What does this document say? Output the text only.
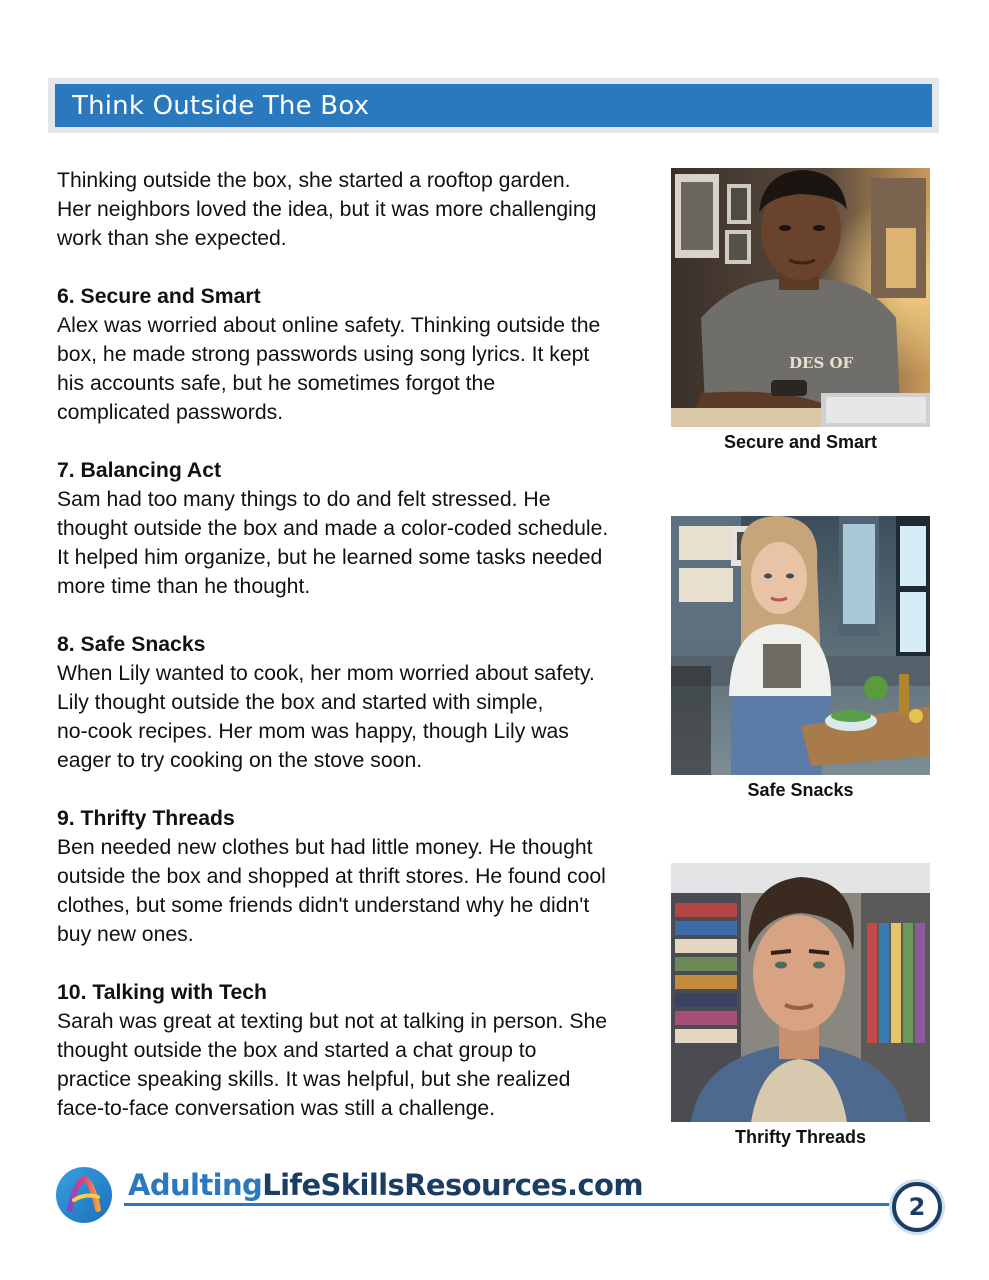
Think Outside The Box
Thinking outside the box, she started a rooftop garden.
Her neighbors loved the idea, but it was more challenging
work than she expected.
6. Secure and Smart
Alex was worried about online safety. Thinking outside the
box, he made strong passwords using song lyrics. It kept
his accounts safe, but he sometimes forgot the
complicated passwords.
7. Balancing Act
Sam had too many things to do and felt stressed. He
thought outside the box and made a color-coded schedule.
It helped him organize, but he learned some tasks needed
more time than he thought.
8. Safe Snacks
When Lily wanted to cook, her mom worried about safety.
Lily thought outside the box and started with simple,
no-cook recipes. Her mom was happy, though Lily was
eager to try cooking on the stove soon.
9. Thrifty Threads
Ben needed new clothes but had little money. He thought
outside the box and shopped at thrift stores. He found cool
clothes, but some friends didn't understand why he didn't
buy new ones.
10. Talking with Tech
Sarah was great at texting but not at talking in person. She
thought outside the box and started a chat group to
practice speaking skills. It was helpful, but she realized
face-to-face conversation was still a challenge.
DES OF
Secure and Smart
Safe Snacks
Thrifty Threads
AdultingLifeSkillsResources.com
2
